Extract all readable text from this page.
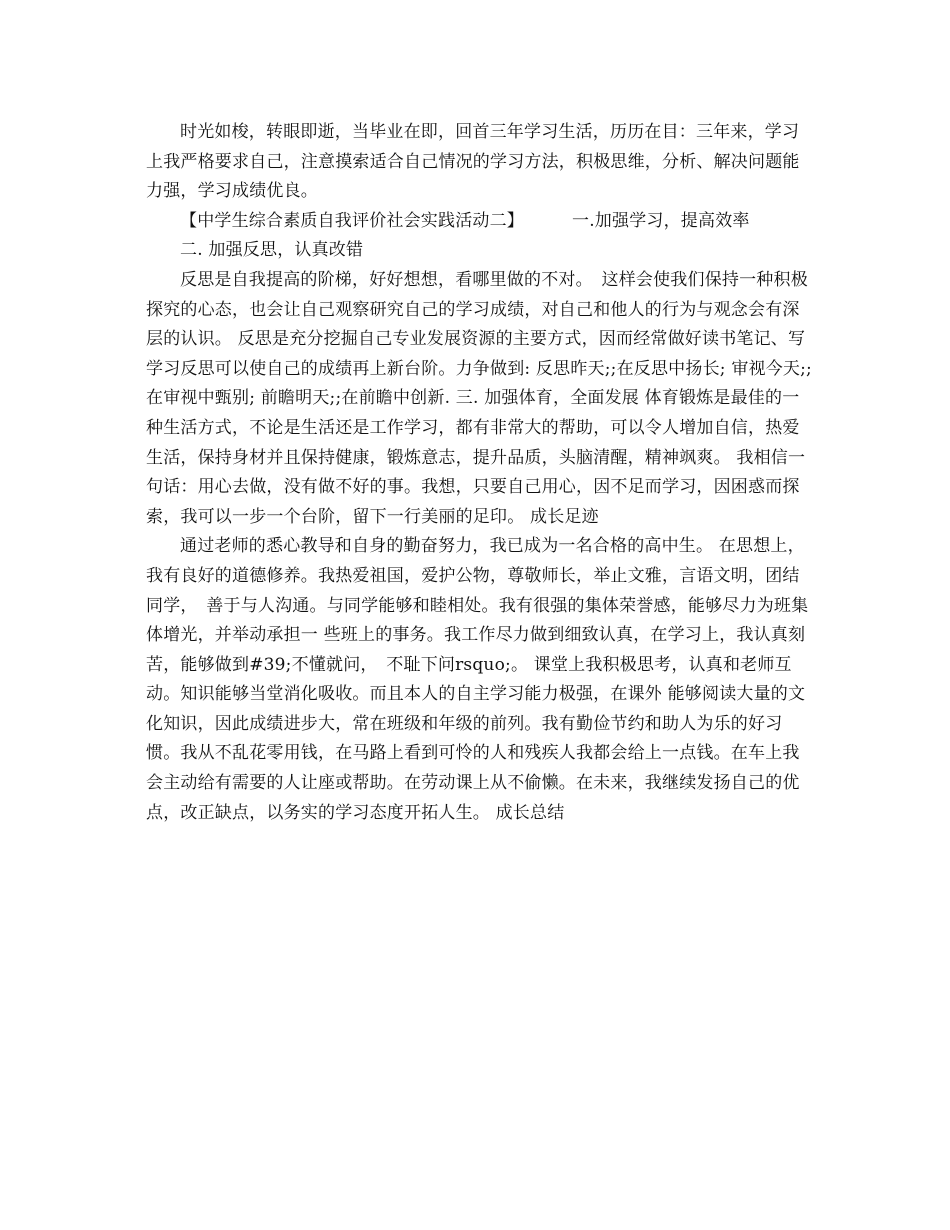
时光如梭，转眼即逝，当毕业在即，回首三年学习生活，历历在目：三年来，学习上我严格要求自己，注意摸索适合自己情况的学习方法，积极思维，分析、解决问题能力强，学习成绩优良。

【中学生综合素质自我评价社会实践活动二】	一.加强学习，提高效率

二. 加强反思，认真改错

反思是自我提高的阶梯，好好想想，看哪里做的不对。　这样会使我们保持一种积极探究的心态，也会让自己观察研究自己的学习成绩，对自己和他人的行为与观念会有深层的认识。 反思是充分挖掘自己专业发展资源的主要方式，因而经常做好读书笔记、写学习反思可以使自己的成绩再上新台阶。力争做到: 反思昨天;;在反思中扬长; 审视今天;;在审视中甄别; 前瞻明天;;在前瞻中创新. 三. 加强体育，全面发展 体育锻炼是最佳的一种生活方式，不论是生活还是工作学习，都有非常大的帮助，可以令人增加自信，热爱生活，保持身材并且保持健康，锻炼意志，提升品质，头脑清醒，精神飒爽。 我相信一句话：用心去做，没有做不好的事。我想，只要自己用心，因不足而学习，因困惑而探索，我可以一步一个台阶，留下一行美丽的足印。 成长足迹

通过老师的悉心教导和自身的勤奋努力，我已成为一名合格的高中生。 在思想上，我有良好的道德修养。我热爱祖国，爱护公物，尊敬师长，举止文雅，言语文明，团结同学，　善于与人沟通。与同学能够和睦相处。我有很强的集体荣誉感，能够尽力为班集体增光，并举动承担一 些班上的事务。我工作尽力做到细致认真，在学习上，我认真刻苦，能够做到#39;不懂就问，　不耻下问rsquo;。 课堂上我积极思考，认真和老师互动。知识能够当堂消化吸收。而且本人的自主学习能力极强，在课外 能够阅读大量的文化知识，因此成绩进步大，常在班级和年级的前列。我有勤俭节约和助人为乐的好习惯。我从不乱花零用钱，在马路上看到可怜的人和残疾人我都会给上一点钱。在车上我会主动给有需要的人让座或帮助。在劳动课上从不偷懒。在未来，我继续发扬自己的优点，改正缺点，以务实的学习态度开拓人生。 成长总结
